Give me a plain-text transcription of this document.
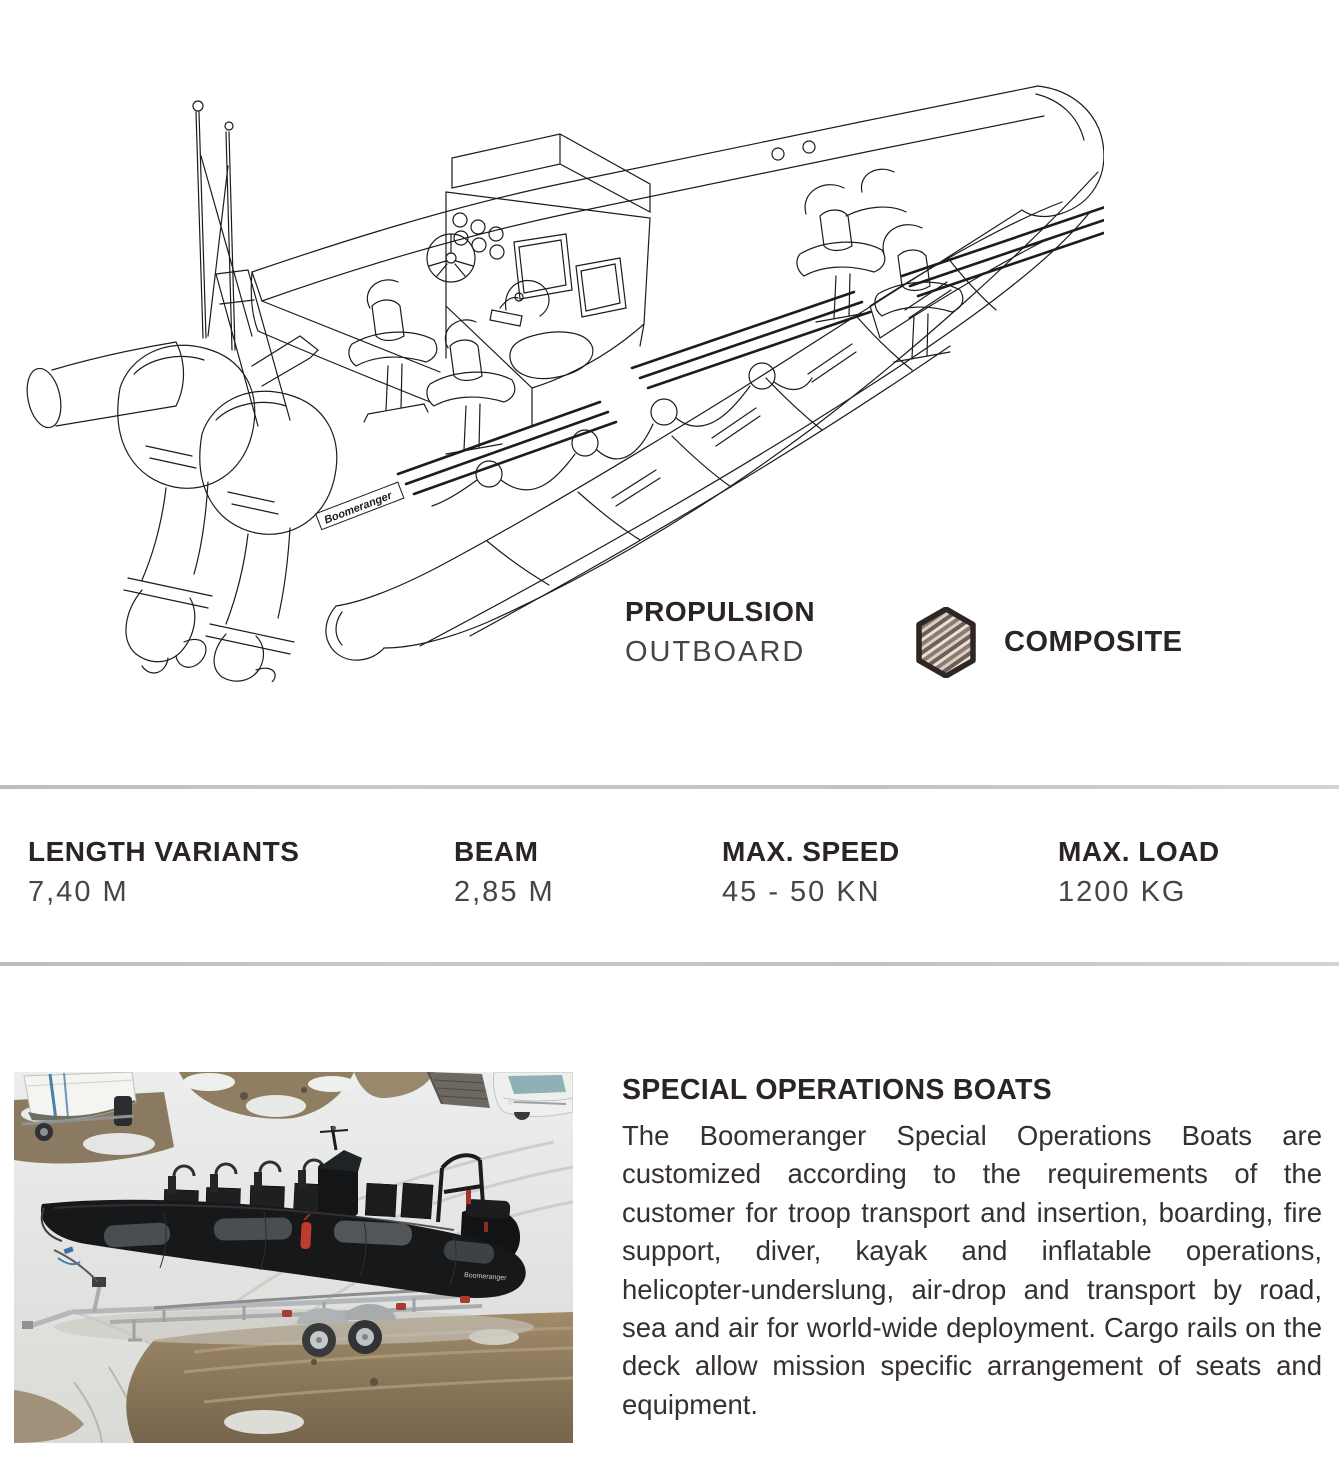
Boomeranger
PROPULSION
OUTBOARD	COMPOSITE
LENGTH VARIANTS
7,40 M
BEAM
2,85 M
MAX. SPEED
45 - 50 KN
MAX. LOAD
1200 KG
Boomeranger
SPECIAL OPERATIONS BOATS

The Boomeranger Special Operations Boats are customized according to the requirements of the customer for troop transport and insertion, boarding, fire support, diver, kayak and inflatable operations, helicopter-underslung, air-drop and transport by road, sea and air for world-wide deployment. Cargo rails on the deck allow mission specific arrangement of seats and equipment.
